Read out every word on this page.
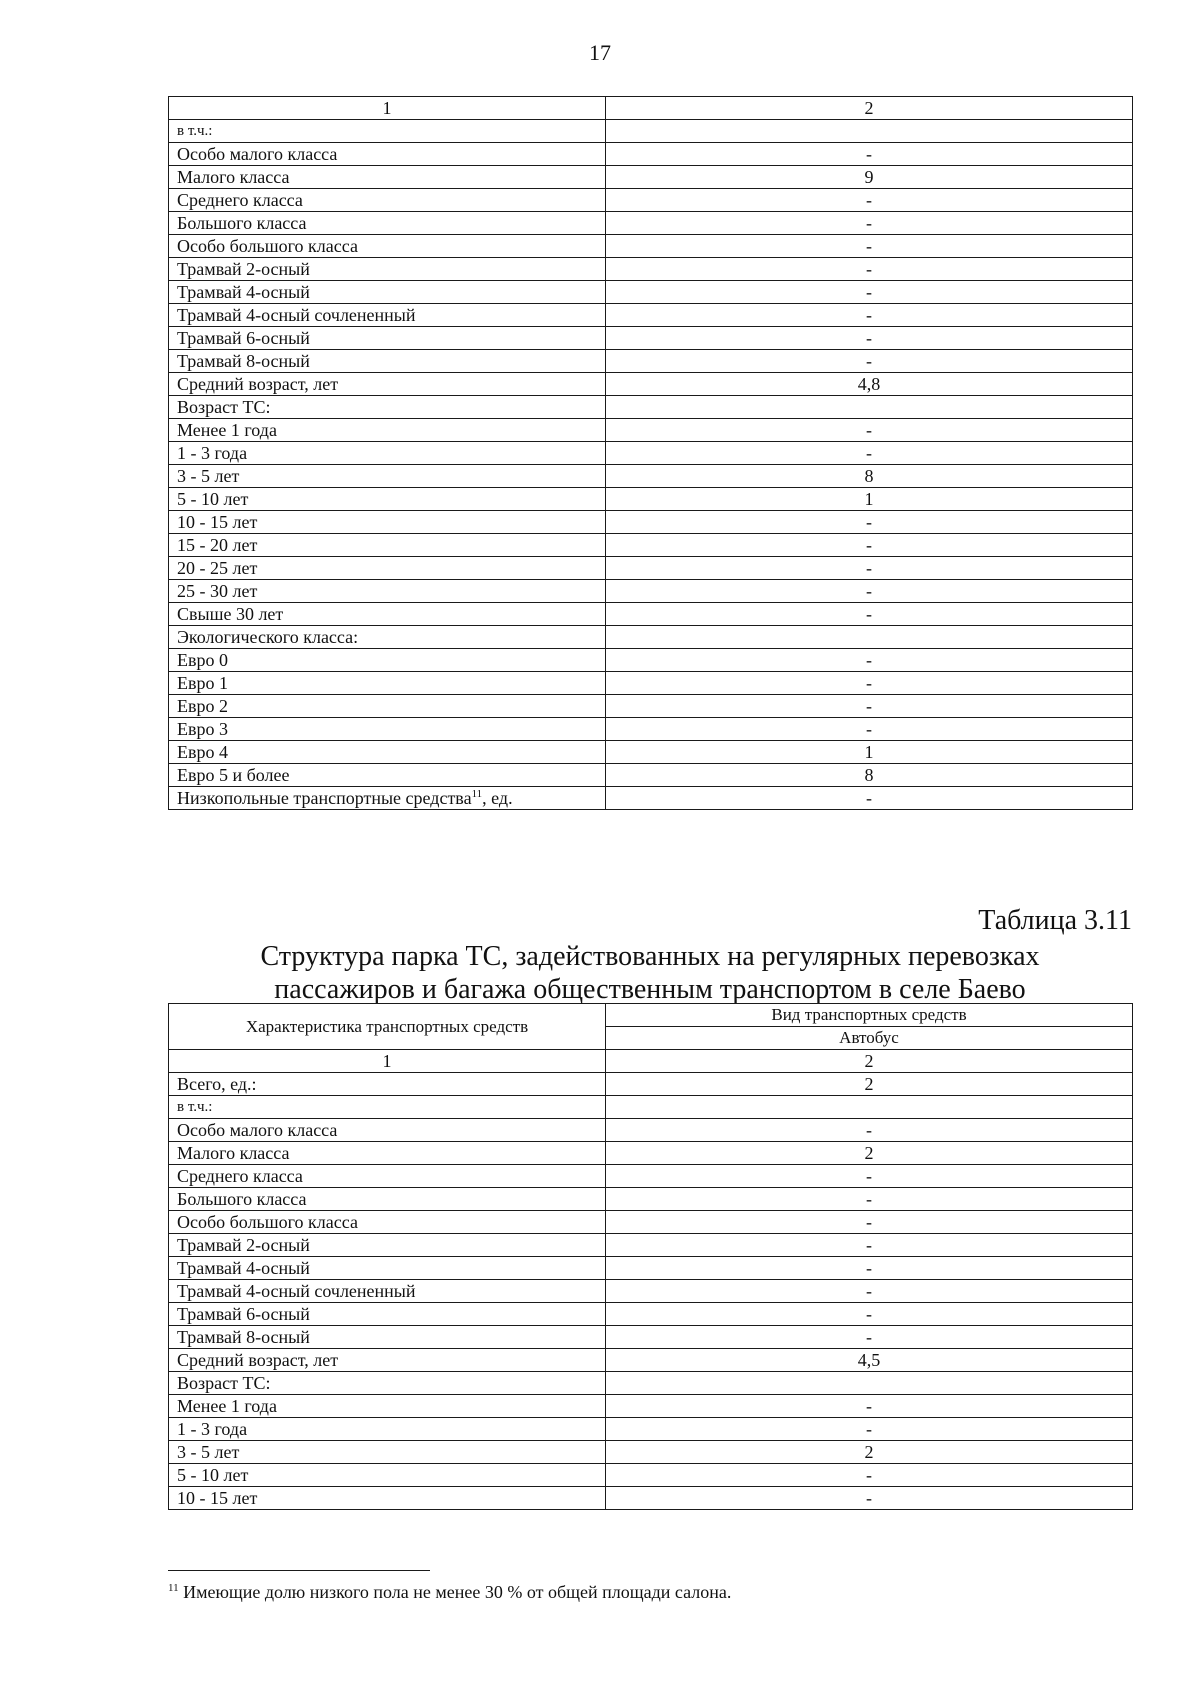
17
1	2
в т.ч.:	
Особо малого класса	-
Малого класса	9
Среднего класса	-
Большого класса	-
Особо большого класса	-
Трамвай 2-осный	-
Трамвай 4-осный	-
Трамвай 4-осный сочлененный	-
Трамвай 6-осный	-
Трамвай 8-осный	-
Средний возраст, лет	4,8
Возраст ТС:	
Менее 1 года	-
1 - 3 года	-
3 - 5 лет	8
5 - 10 лет	1
10 - 15 лет	-
15 - 20 лет	-
20 - 25 лет	-
25 - 30 лет	-
Свыше 30 лет	-
Экологического класса:	
Евро 0	-
Евро 1	-
Евро 2	-
Евро 3	-
Евро 4	1
Евро 5 и более	8
Низкопольные транспортные средства$^{11}$, ед.	-
Таблица 3.11
Структура парка ТС, задействованных на регулярных перевозках
пассажиров и багажа общественным транспортом в селе Баево
Характеристика транспортных средств	Вид транспортных средств
	Автобус
1	2
Всего, ед.:	2
в т.ч.:	
Особо малого класса	-
Малого класса	2
Среднего класса	-
Большого класса	-
Особо большого класса	-
Трамвай 2-осный	-
Трамвай 4-осный	-
Трамвай 4-осный сочлененный	-
Трамвай 6-осный	-
Трамвай 8-осный	-
Средний возраст, лет	4,5
Возраст ТС:	
Менее 1 года	-
1 - 3 года	-
3 - 5 лет	2
5 - 10 лет	-
10 - 15 лет	-
$^{11}$ Имеющие долю низкого пола не менее 30 % от общей площади салона.
